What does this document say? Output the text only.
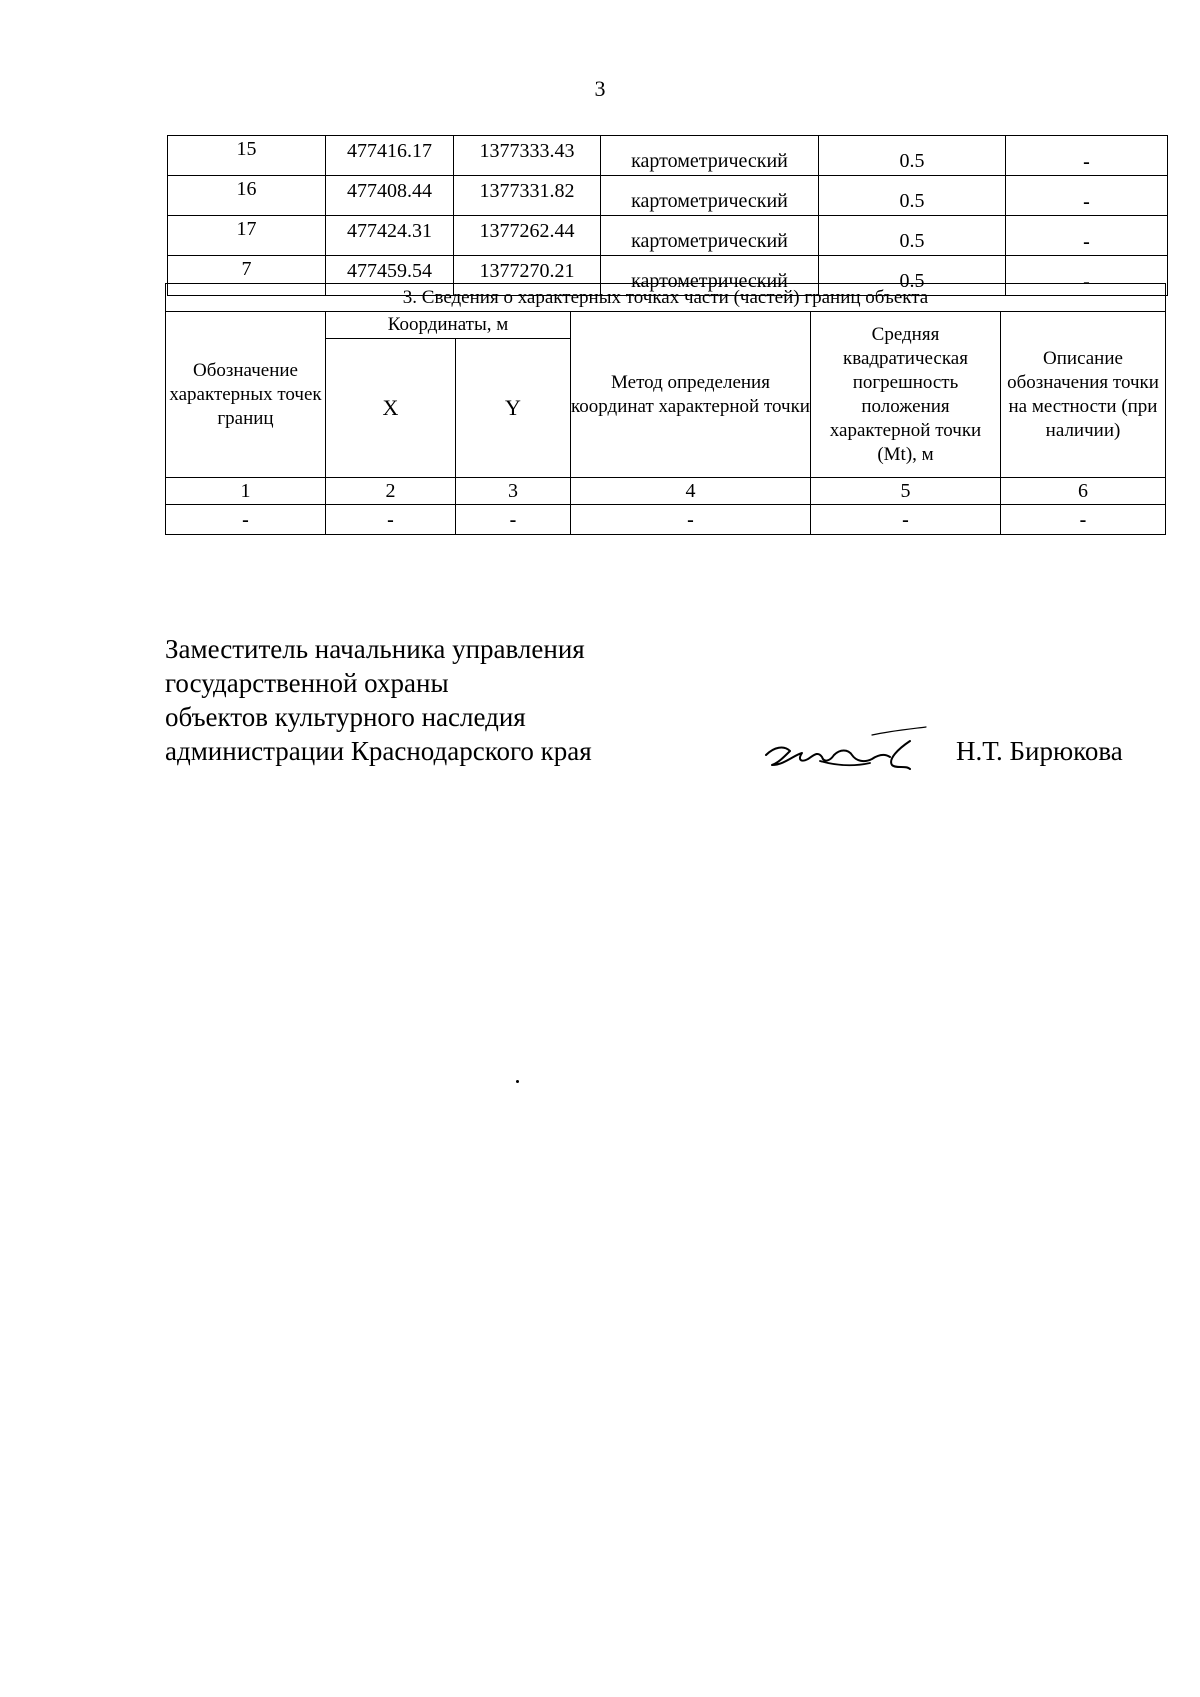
3
15	477416.17	1377333.43	картометрический	0.5	-
16	477408.44	1377331.82	картометрический	0.5	-
17	477424.31	1377262.44	картометрический	0.5	-
7	477459.54	1377270.21	картометрический	0.5	-
3. Сведения о характерных точках части (частей) границ объекта					
Обозначение характерных точек границ	Координаты, м		Метод определения координат характерной точки	Средняя квадратическая погрешность положения характерной точки (Mt), м	Описание обозначения точки на местности (при наличии)
	X	Y			
1	2	3	4	5	6
-	-	-	-	-	-
Заместитель начальника управления
государственной охраны
объектов культурного наследия
администрации Краснодарского края	Н.Т. Бирюкова
